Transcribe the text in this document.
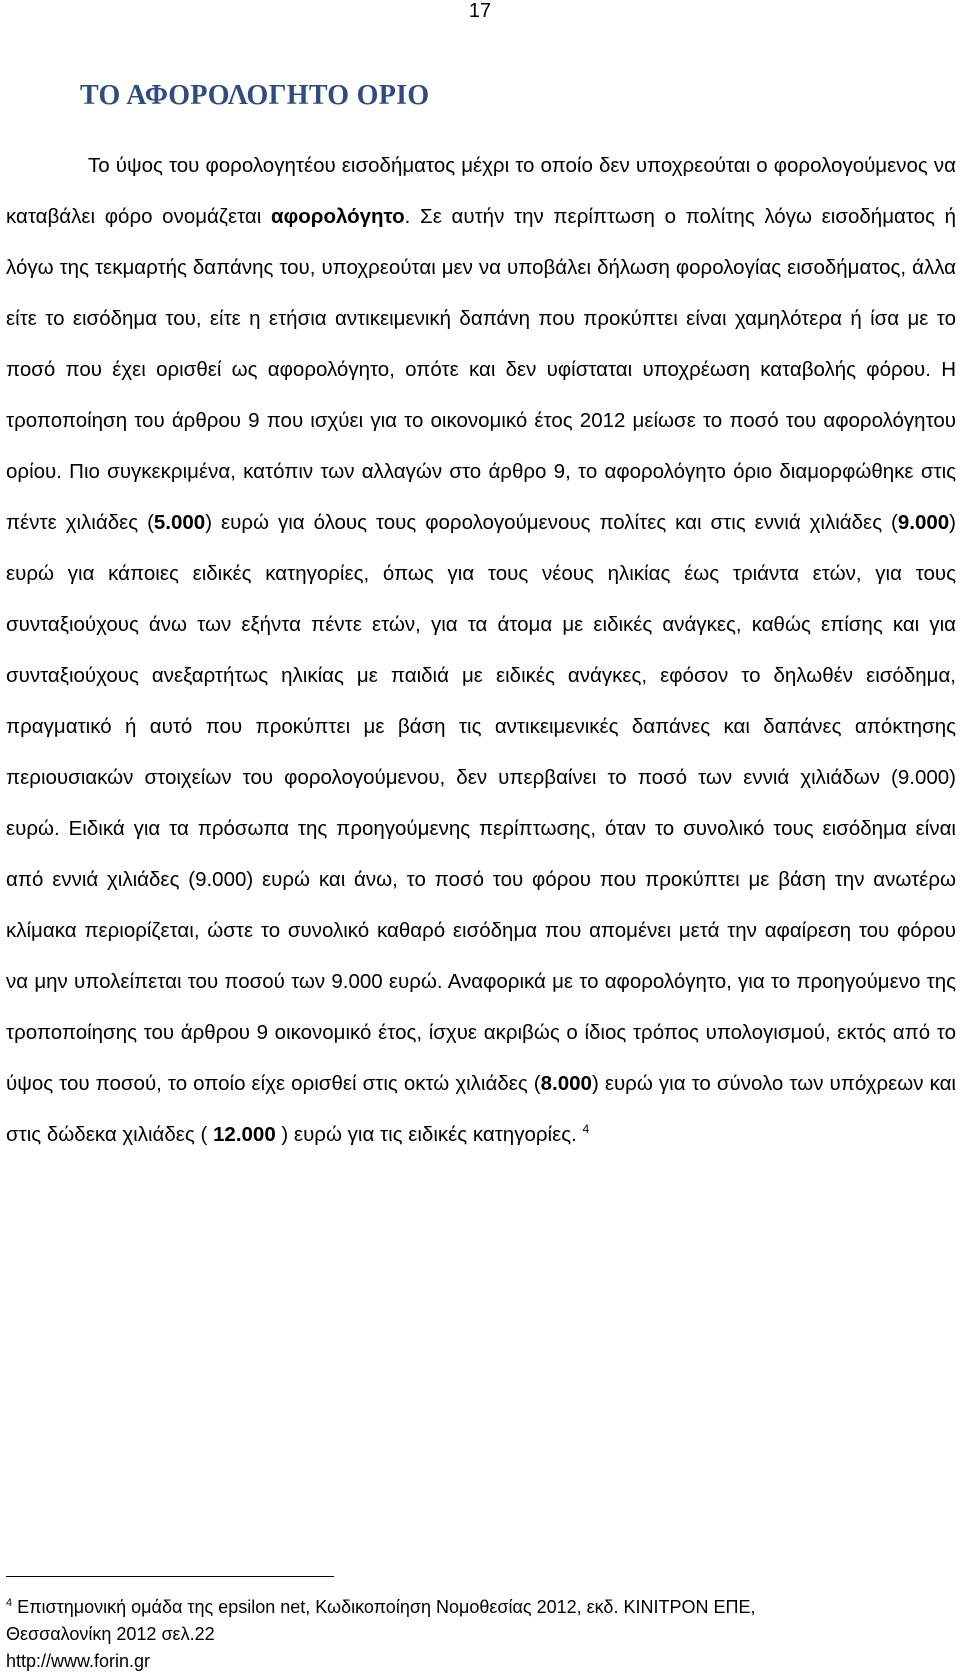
17
ΤΟ ΑΦΟΡΟΛΟΓΗΤΟ ΟΡΙΟ

Το ύψος του φορολογητέου εισοδήματος μέχρι το οποίο δεν υποχρεούται ο φορολογούμενος να καταβάλει φόρο ονομάζεται αφορολόγητο. Σε αυτήν την περίπτωση ο πολίτης λόγω εισοδήματος ή λόγω της τεκμαρτής δαπάνης του, υποχρεούται μεν να υποβάλει δήλωση φορολογίας εισοδήματος, άλλα είτε το εισόδημα του, είτε η ετήσια αντικειμενική δαπάνη που προκύπτει είναι χαμηλότερα ή ίσα με το ποσό που έχει ορισθεί ως αφορολόγητο, οπότε και δεν υφίσταται υποχρέωση καταβολής φόρου. Η τροποποίηση του άρθρου 9 που ισχύει για το οικονομικό έτος 2012 μείωσε το ποσό του αφορολόγητου ορίου. Πιο συγκεκριμένα, κατόπιν των αλλαγών στο άρθρο 9, το αφορολόγητο όριο διαμορφώθηκε στις πέντε χιλιάδες (5.000) ευρώ για όλους τους φορολογούμενους πολίτες και στις εννιά χιλιάδες (9.000) ευρώ για κάποιες ειδικές κατηγορίες, όπως για τους νέους ηλικίας έως τριάντα ετών, για τους συνταξιούχους άνω των εξήντα πέντε ετών, για τα άτομα με ειδικές ανάγκες, καθώς επίσης και για συνταξιούχους ανεξαρτήτως ηλικίας με παιδιά με ειδικές ανάγκες, εφόσον το δηλωθέν εισόδημα, πραγματικό ή αυτό που προκύπτει με βάση τις αντικειμενικές δαπάνες και δαπάνες απόκτησης περιουσιακών στοιχείων του φορολογούμενου, δεν υπερβαίνει το ποσό των εννιά χιλιάδων (9.000) ευρώ. Ειδικά για τα πρόσωπα της προηγούμενης περίπτωσης, όταν το συνολικό τους εισόδημα είναι από εννιά χιλιάδες (9.000) ευρώ και άνω, το ποσό του φόρου που προκύπτει με βάση την ανωτέρω κλίμακα περιορίζεται, ώστε το συνολικό καθαρό εισόδημα που απομένει μετά την αφαίρεση του φόρου να μην υπολείπεται του ποσού των 9.000 ευρώ. Αναφορικά με το αφορολόγητο, για το προηγούμενο της τροποποίησης του άρθρου 9 οικονομικό έτος, ίσχυε ακριβώς ο ίδιος τρόπος υπολογισμού, εκτός από το ύψος του ποσού, το οποίο είχε ορισθεί στις οκτώ χιλιάδες (8.000) ευρώ για το σύνολο των υπόχρεων και στις δώδεκα χιλιάδες ( 12.000 ) ευρώ για τις ειδικές κατηγορίες. $^4$

$^4$ Επιστημονική ομάδα της epsilon net, Κωδικοποίηση Νομοθεσίας 2012, εκδ. ΚΙΝΙΤΡΟΝ ΕΠΕ,
Θεσσαλονίκη 2012 σελ.22
http://www.forin.gr
